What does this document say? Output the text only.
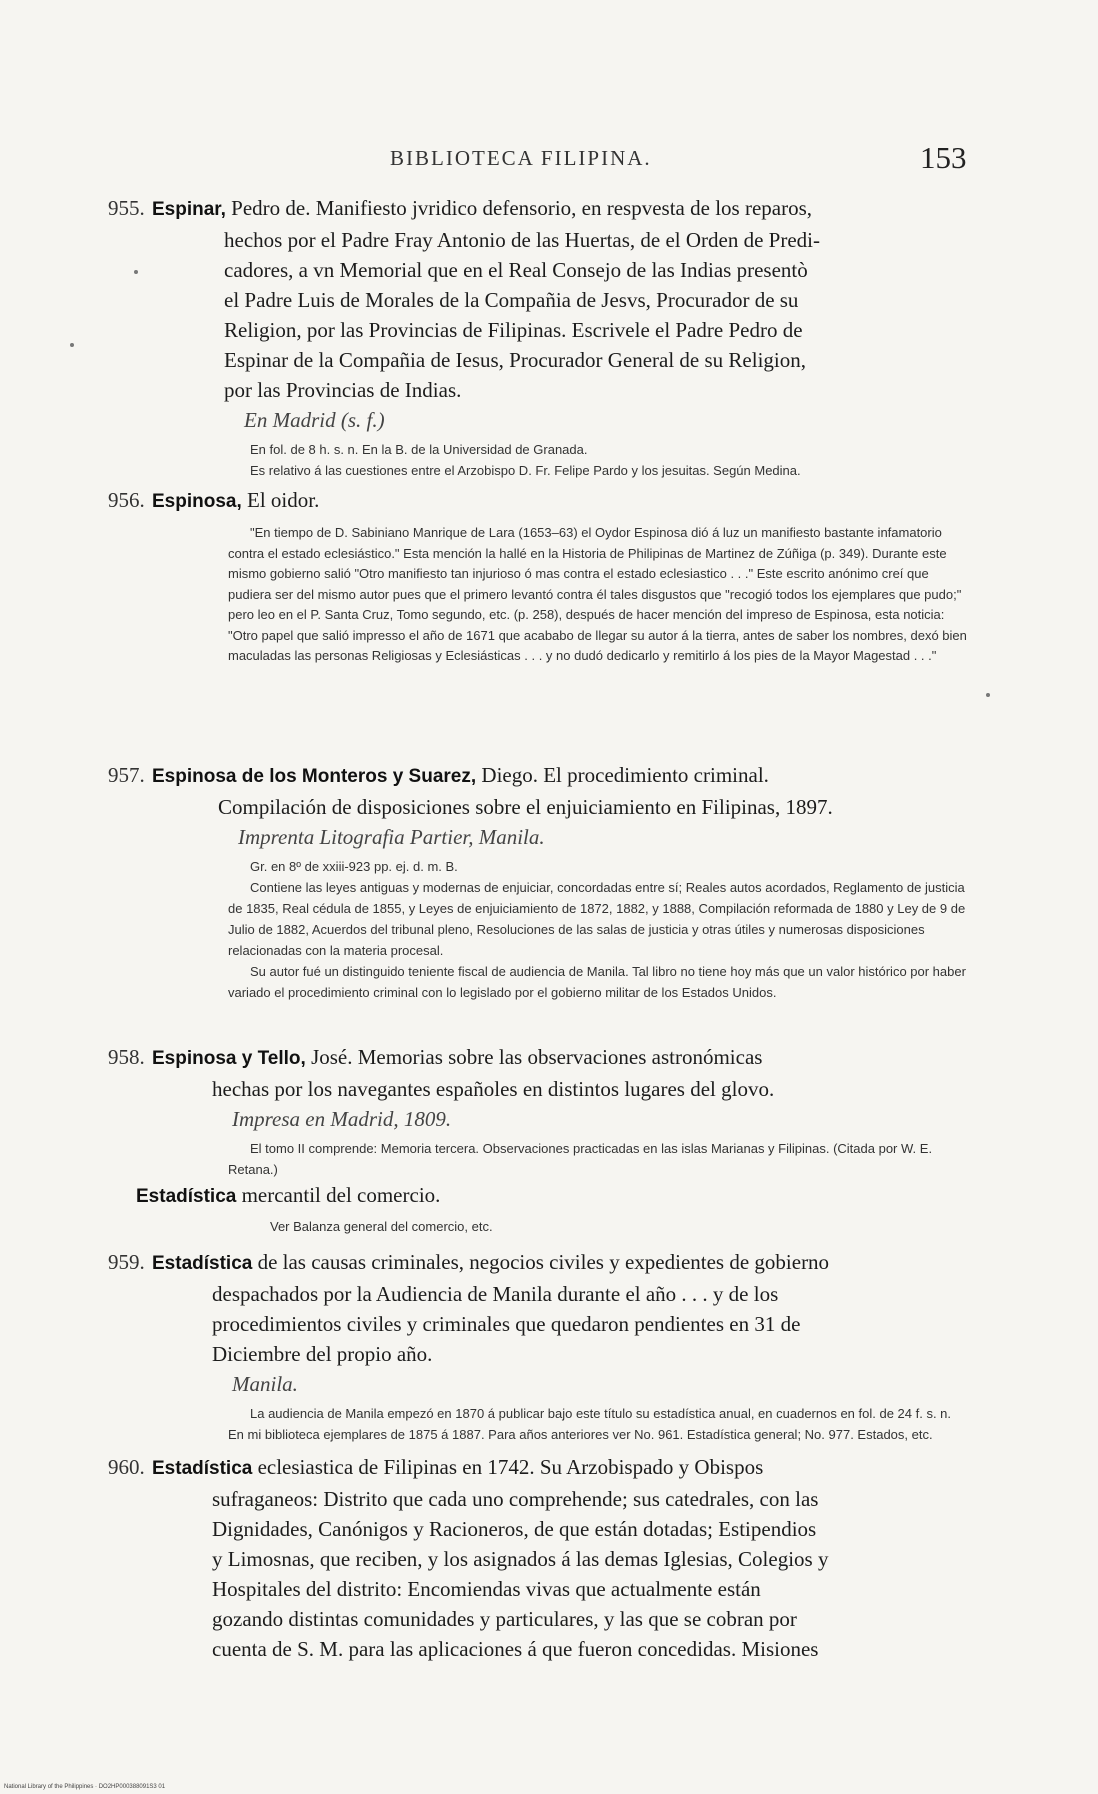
BIBLIOTECA FILIPINA.	153
955. Espinar, Pedro de. Manifiesto jvridico defensorio, en respvesta de los reparos,
hechos por el Padre Fray Antonio de las Huertas, de el Orden de Predi-
cadores, a vn Memorial que en el Real Consejo de las Indias presentò
el Padre Luis de Morales de la Compañia de Jesvs, Procurador de su
Religion, por las Provincias de Filipinas. Escrivele el Padre Pedro de
Espinar de la Compañia de Iesus, Procurador General de su Religion,
por las Provincias de Indias.
En Madrid (s. f.)

En fol. de 8 h. s. n. En la B. de la Universidad de Granada.

Es relativo á las cuestiones entre el Arzobispo D. Fr. Felipe Pardo y los jesuitas. Según Medina.

956. Espinosa, El oidor.

"En tiempo de D. Sabiniano Manrique de Lara (1653–63) el Oydor Espinosa dió á luz un manifiesto bastante infamatorio contra el estado eclesiástico." Esta mención la hallé en la Historia de Philipinas de Martinez de Zúñiga (p. 349). Durante este mismo gobierno salió "Otro manifiesto tan injurioso ó mas contra el estado eclesiastico . . ." Este escrito anónimo creí que pudiera ser del mismo autor pues que el primero levantó contra él tales disgustos que "recogió todos los ejemplares que pudo;" pero leo en el P. Santa Cruz, Tomo segundo, etc. (p. 258), después de hacer mención del impreso de Espinosa, esta noticia: "Otro papel que salió impresso el año de 1671 que acababo de llegar su autor á la tierra, antes de saber los nombres, dexó bien maculadas las personas Religiosas y Eclesiásticas . . . y no dudó dedicarlo y remitirlo á los pies de la Mayor Magestad . . ."

957. Espinosa de los Monteros y Suarez, Diego. El procedimiento criminal.
Compilación de disposiciones sobre el enjuiciamiento en Filipinas, 1897.
Imprenta Litografia Partier, Manila.

Gr. en 8º de xxiii-923 pp. ej. d. m. B.

Contiene las leyes antiguas y modernas de enjuiciar, concordadas entre sí; Reales autos acordados, Reglamento de justicia de 1835, Real cédula de 1855, y Leyes de enjuiciamiento de 1872, 1882, y 1888, Compilación reformada de 1880 y Ley de 9 de Julio de 1882, Acuerdos del tribunal pleno, Resoluciones de las salas de justicia y otras útiles y numerosas disposiciones relacionadas con la materia procesal.

Su autor fué un distinguido teniente fiscal de audiencia de Manila. Tal libro no tiene hoy más que un valor histórico por haber variado el procedimiento criminal con lo legislado por el gobierno militar de los Estados Unidos.

958. Espinosa y Tello, José. Memorias sobre las observaciones astronómicas
hechas por los navegantes españoles en distintos lugares del glovo.
Impresa en Madrid, 1809.

El tomo II comprende: Memoria tercera. Observaciones practicadas en las islas Marianas y Filipinas. (Citada por W. E. Retana.)

Estadística mercantil del comercio.

Ver Balanza general del comercio, etc.

959. Estadística de las causas criminales, negocios civiles y expedientes de gobierno
despachados por la Audiencia de Manila durante el año . . . y de los
procedimientos civiles y criminales que quedaron pendientes en 31 de
Diciembre del propio año.
Manila.

La audiencia de Manila empezó en 1870 á publicar bajo este título su estadística anual, en cuadernos en fol. de 24 f. s. n. En mi biblioteca ejemplares de 1875 á 1887. Para años anteriores ver No. 961. Estadística general; No. 977. Estados, etc.

960. Estadística eclesiastica de Filipinas en 1742. Su Arzobispado y Obispos
sufraganeos: Distrito que cada uno comprehende; sus catedrales, con las
Dignidades, Canónigos y Racioneros, de que están dotadas; Estipendios
y Limosnas, que reciben, y los asignados á las demas Iglesias, Colegios y
Hospitales del distrito: Encomiendas vivas que actualmente están
gozando distintas comunidades y particulares, y las que se cobran por
cuenta de S. M. para las aplicaciones á que fueron concedidas. Misiones
National Library of the Philippines · DO2HP000388091S3 01
